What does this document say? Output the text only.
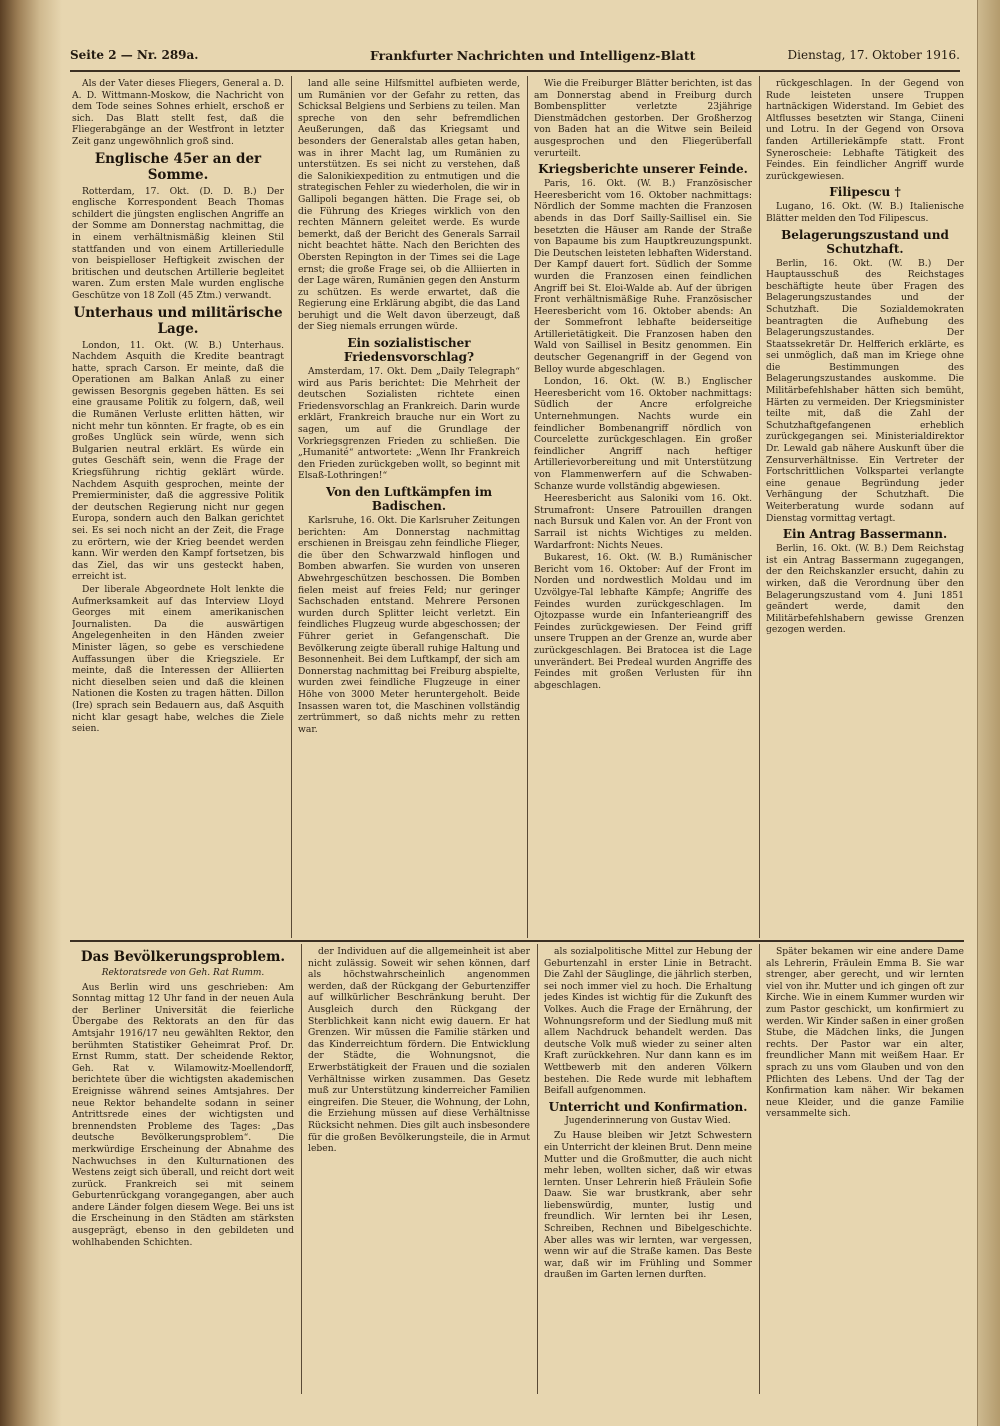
Seite 2 — Nr. 289a.	Frankfurter Nachrichten und Intelligenz-Blatt	Dienstag, 17. Oktober 1916.

Als der Vater dieses Fliegers, General a. D. A. D. Wittmann-Moskow, die Nachricht von dem Tode seines Sohnes erhielt, erschoß er sich. Das Blatt stellt fest, daß die Fliegerabgänge an der Westfront in letzter Zeit ganz ungewöhnlich groß sind.

Englische 45er an der Somme.

Rotterdam, 17. Okt. (D. D. B.) Der englische Korrespondent Beach Thomas schildert die jüngsten englischen Angriffe an der Somme am Donnerstag nachmittag, die in einem verhältnismäßig kleinen Stil stattfanden und von einem Artilleriedulle von beispielloser Heftigkeit zwischen der britischen und deutschen Artillerie begleitet waren. Zum ersten Male wurden englische Geschütze von 18 Zoll (45 Ztm.) verwandt.

Unterhaus und militärische Lage.

London, 11. Okt. (W. B.) Unterhaus. Nachdem Asquith die Kredite beantragt hatte, sprach Carson. Er meinte, daß die Operationen am Balkan Anlaß zu einer gewissen Besorgnis gegeben hätten. Es sei eine grausame Politik zu folgern, daß, weil die Rumänen Verluste erlitten hätten, wir nicht mehr tun könnten. Er fragte, ob es ein großes Unglück sein würde, wenn sich Bulgarien neutral erklärt. Es würde ein gutes Geschäft sein, wenn die Frage der Kriegsführung richtig geklärt würde. Nachdem Asquith gesprochen, meinte der Premierminister, daß die aggressive Politik der deutschen Regierung nicht nur gegen Europa, sondern auch den Balkan gerichtet sei. Es sei noch nicht an der Zeit, die Frage zu erörtern, wie der Krieg beendet werden kann. Wir werden den Kampf fortsetzen, bis das Ziel, das wir uns gesteckt haben, erreicht ist.

Der liberale Abgeordnete Holt lenkte die Aufmerksamkeit auf das Interview Lloyd Georges mit einem amerikanischen Journalisten. Da die auswärtigen Angelegenheiten in den Händen zweier Minister lägen, so gebe es verschiedene Auffassungen über die Kriegsziele. Er meinte, daß die Interessen der Alliierten nicht dieselben seien und daß die kleinen Nationen die Kosten zu tragen hätten. Dillon (Ire) sprach sein Bedauern aus, daß Asquith nicht klar gesagt habe, welches die Ziele seien.

land alle seine Hilfsmittel aufbieten werde, um Rumänien vor der Gefahr zu retten, das Schicksal Belgiens und Serbiens zu teilen. Man spreche von den sehr befremdlichen Aeußerungen, daß das Kriegsamt und besonders der Generalstab alles getan haben, was in ihrer Macht lag, um Rumänien zu unterstützen. Es sei nicht zu verstehen, daß die Salonikiexpedition zu entmutigen und die strategischen Fehler zu wiederholen, die wir in Gallipoli begangen hätten. Die Frage sei, ob die Führung des Krieges wirklich von den rechten Männern geleitet werde. Es wurde bemerkt, daß der Bericht des Generals Sarrail nicht beachtet hätte. Nach den Berichten des Obersten Repington in der Times sei die Lage ernst; die große Frage sei, ob die Alliierten in der Lage wären, Rumänien gegen den Ansturm zu schützen. Es werde erwartet, daß die Regierung eine Erklärung abgibt, die das Land beruhigt und die Welt davon überzeugt, daß der Sieg niemals errungen würde.

Ein sozialistischer Friedensvorschlag?

Amsterdam, 17. Okt. Dem „Daily Telegraph“ wird aus Paris berichtet: Die Mehrheit der deutschen Sozialisten richtete einen Friedensvorschlag an Frankreich. Darin wurde erklärt, Frankreich brauche nur ein Wort zu sagen, um auf die Grundlage der Vorkriegsgrenzen Frieden zu schließen. Die „Humanité“ antwortete: „Wenn Ihr Frankreich den Frieden zurückgeben wollt, so beginnt mit Elsaß-Lothringen!“

Von den Luftkämpfen im Badischen.

Karlsruhe, 16. Okt. Die Karlsruher Zeitungen berichten: Am Donnerstag nachmittag erschienen in Breisgau zehn feindliche Flieger, die über den Schwarzwald hinflogen und Bomben abwarfen. Sie wurden von unseren Abwehrgeschützen beschossen. Die Bomben fielen meist auf freies Feld; nur geringer Sachschaden entstand. Mehrere Personen wurden durch Splitter leicht verletzt. Ein feindliches Flugzeug wurde abgeschossen; der Führer geriet in Gefangenschaft. Die Bevölkerung zeigte überall ruhige Haltung und Besonnenheit. Bei dem Luftkampf, der sich am Donnerstag nachmittag bei Freiburg abspielte, wurden zwei feindliche Flugzeuge in einer Höhe von 3000 Meter heruntergeholt. Beide Insassen waren tot, die Maschinen vollständig zertrümmert, so daß nichts mehr zu retten war.

Wie die Freiburger Blätter berichten, ist das am Donnerstag abend in Freiburg durch Bombensplitter verletzte 23jährige Dienstmädchen gestorben. Der Großherzog von Baden hat an die Witwe sein Beileid ausgesprochen und den Fliegerüberfall verurteilt.

Kriegsberichte unserer Feinde.

Paris, 16. Okt. (W. B.) Französischer Heeresbericht vom 16. Oktober nachmittags: Nördlich der Somme machten die Franzosen abends in das Dorf Sailly-Saillisel ein. Sie besetzten die Häuser am Rande der Straße von Bapaume bis zum Hauptkreuzungspunkt. Die Deutschen leisteten lebhaften Widerstand. Der Kampf dauert fort. Südlich der Somme wurden die Franzosen einen feindlichen Angriff bei St. Eloi-Walde ab. Auf der übrigen Front verhältnismäßige Ruhe. Französischer Heeresbericht vom 16. Oktober abends: An der Sommefront lebhafte beiderseitige Artillerietätigkeit. Die Franzosen haben den Wald von Saillisel in Besitz genommen. Ein deutscher Gegenangriff in der Gegend von Belloy wurde abgeschlagen.

London, 16. Okt. (W. B.) Englischer Heeresbericht vom 16. Oktober nachmittags: Südlich der Ancre erfolgreiche Unternehmungen. Nachts wurde ein feindlicher Bombenangriff nördlich von Courcelette zurückgeschlagen. Ein großer feindlicher Angriff nach heftiger Artillerievorbereitung und mit Unterstützung von Flammenwerfern auf die Schwaben-Schanze wurde vollständig abgewiesen.

Heeresbericht aus Saloniki vom 16. Okt. Strumafront: Unsere Patrouillen drangen nach Bursuk und Kalen vor. An der Front von Sarrail ist nichts Wichtiges zu melden. Wardarfront: Nichts Neues.

Bukarest, 16. Okt. (W. B.) Rumänischer Bericht vom 16. Oktober: Auf der Front im Norden und nordwestlich Moldau und im Uzvölgye-Tal lebhafte Kämpfe; Angriffe des Feindes wurden zurückgeschlagen. Im Ojtozpasse wurde ein Infanterieangriff des Feindes zurückgewiesen. Der Feind griff unsere Truppen an der Grenze an, wurde aber zurückgeschlagen. Bei Bratocea ist die Lage unverändert. Bei Predeal wurden Angriffe des Feindes mit großen Verlusten für ihn abgeschlagen.

rückgeschlagen. In der Gegend von Rude leisteten unsere Truppen hartnäckigen Widerstand. Im Gebiet des Altflusses besetzten wir Stanga, Ciineni und Lotru. In der Gegend von Orsova fanden Artilleriekämpfe statt. Front Syneroscheie: Lebhafte Tätigkeit des Feindes. Ein feindlicher Angriff wurde zurückgewiesen.

Filipescu †

Lugano, 16. Okt. (W. B.) Italienische Blätter melden den Tod Filipescus.

Belagerungszustand und Schutzhaft.

Berlin, 16. Okt. (W. B.) Der Hauptausschuß des Reichstages beschäftigte heute über Fragen des Belagerungszustandes und der Schutzhaft. Die Sozialdemokraten beantragten die Aufhebung des Belagerungszustandes. Der Staatssekretär Dr. Helfferich erklärte, es sei unmöglich, daß man im Kriege ohne die Bestimmungen des Belagerungszustandes auskomme. Die Militärbefehlshaber hätten sich bemüht, Härten zu vermeiden. Der Kriegsminister teilte mit, daß die Zahl der Schutzhaftgefangenen erheblich zurückgegangen sei. Ministerialdirektor Dr. Lewald gab nähere Auskunft über die Zensurverhältnisse. Ein Vertreter der Fortschrittlichen Volkspartei verlangte eine genaue Begründung jeder Verhängung der Schutzhaft. Die Weiterberatung wurde sodann auf Dienstag vormittag vertagt.

Ein Antrag Bassermann.

Berlin, 16. Okt. (W. B.) Dem Reichstag ist ein Antrag Bassermann zugegangen, der den Reichskanzler ersucht, dahin zu wirken, daß die Verordnung über den Belagerungszustand vom 4. Juni 1851 geändert werde, damit den Militärbefehlshabern gewisse Grenzen gezogen werden.

Das Bevölkerungsproblem.
Rektoratsrede von Geh. Rat Rumm.

Aus Berlin wird uns geschrieben: Am Sonntag mittag 12 Uhr fand in der neuen Aula der Berliner Universität die feierliche Übergabe des Rektorats an den für das Amtsjahr 1916/17 neu gewählten Rektor, den berühmten Statistiker Geheimrat Prof. Dr. Ernst Rumm, statt. Der scheidende Rektor, Geh. Rat v. Wilamowitz-Moellendorff, berichtete über die wichtigsten akademischen Ereignisse während seines Amtsjahres. Der neue Rektor behandelte sodann in seiner Antrittsrede eines der wichtigsten und brennendsten Probleme des Tages: „Das deutsche Bevölkerungsproblem“. Die merkwürdige Erscheinung der Abnahme des Nachwuchses in den Kulturnationen des Westens zeigt sich überall, und reicht dort weit zurück. Frankreich sei mit seinem Geburtenrückgang vorangegangen, aber auch andere Länder folgen diesem Wege. Bei uns ist die Erscheinung in den Städten am stärksten ausgeprägt, ebenso in den gebildeten und wohlhabenden Schichten.

der Individuen auf die allgemeinheit ist aber nicht zulässig. Soweit wir sehen können, darf als höchstwahrscheinlich angenommen werden, daß der Rückgang der Geburtenziffer auf willkürlicher Beschränkung beruht. Der Ausgleich durch den Rückgang der Sterblichkeit kann nicht ewig dauern. Er hat Grenzen. Wir müssen die Familie stärken und das Kinderreichtum fördern. Die Entwicklung der Städte, die Wohnungsnot, die Erwerbstätigkeit der Frauen und die sozialen Verhältnisse wirken zusammen. Das Gesetz muß zur Unterstützung kinderreicher Familien eingreifen. Die Steuer, die Wohnung, der Lohn, die Erziehung müssen auf diese Verhältnisse Rücksicht nehmen. Dies gilt auch insbesondere für die großen Bevölkerungsteile, die in Armut leben.

als sozialpolitische Mittel zur Hebung der Geburtenzahl in erster Linie in Betracht. Die Zahl der Säuglinge, die jährlich sterben, sei noch immer viel zu hoch. Die Erhaltung jedes Kindes ist wichtig für die Zukunft des Volkes. Auch die Frage der Ernährung, der Wohnungsreform und der Siedlung muß mit allem Nachdruck behandelt werden. Das deutsche Volk muß wieder zu seiner alten Kraft zurückkehren. Nur dann kann es im Wettbewerb mit den anderen Völkern bestehen. Die Rede wurde mit lebhaftem Beifall aufgenommen.

Unterricht und Konfirmation.
Jugenderinnerung von Gustav Wied.

Zu Hause bleiben wir Jetzt Schwestern ein Unterricht der kleinen Brut. Denn meine Mutter und die Großmutter, die auch nicht mehr leben, wollten sicher, daß wir etwas lernten. Unser Lehrerin hieß Fräulein Sofie Daaw. Sie war brustkrank, aber sehr liebenswürdig, munter, lustig und freundlich. Wir lernten bei ihr Lesen, Schreiben, Rechnen und Bibelgeschichte. Aber alles was wir lernten, war vergessen, wenn wir auf die Straße kamen. Das Beste war, daß wir im Frühling und Sommer draußen im Garten lernen durften.

Später bekamen wir eine andere Dame als Lehrerin, Fräulein Emma B. Sie war strenger, aber gerecht, und wir lernten viel von ihr. Mutter und ich gingen oft zur Kirche. Wie in einem Kummer wurden wir zum Pastor geschickt, um konfirmiert zu werden. Wir Kinder saßen in einer großen Stube, die Mädchen links, die Jungen rechts. Der Pastor war ein alter, freundlicher Mann mit weißem Haar. Er sprach zu uns vom Glauben und von den Pflichten des Lebens. Und der Tag der Konfirmation kam näher. Wir bekamen neue Kleider, und die ganze Familie versammelte sich.
